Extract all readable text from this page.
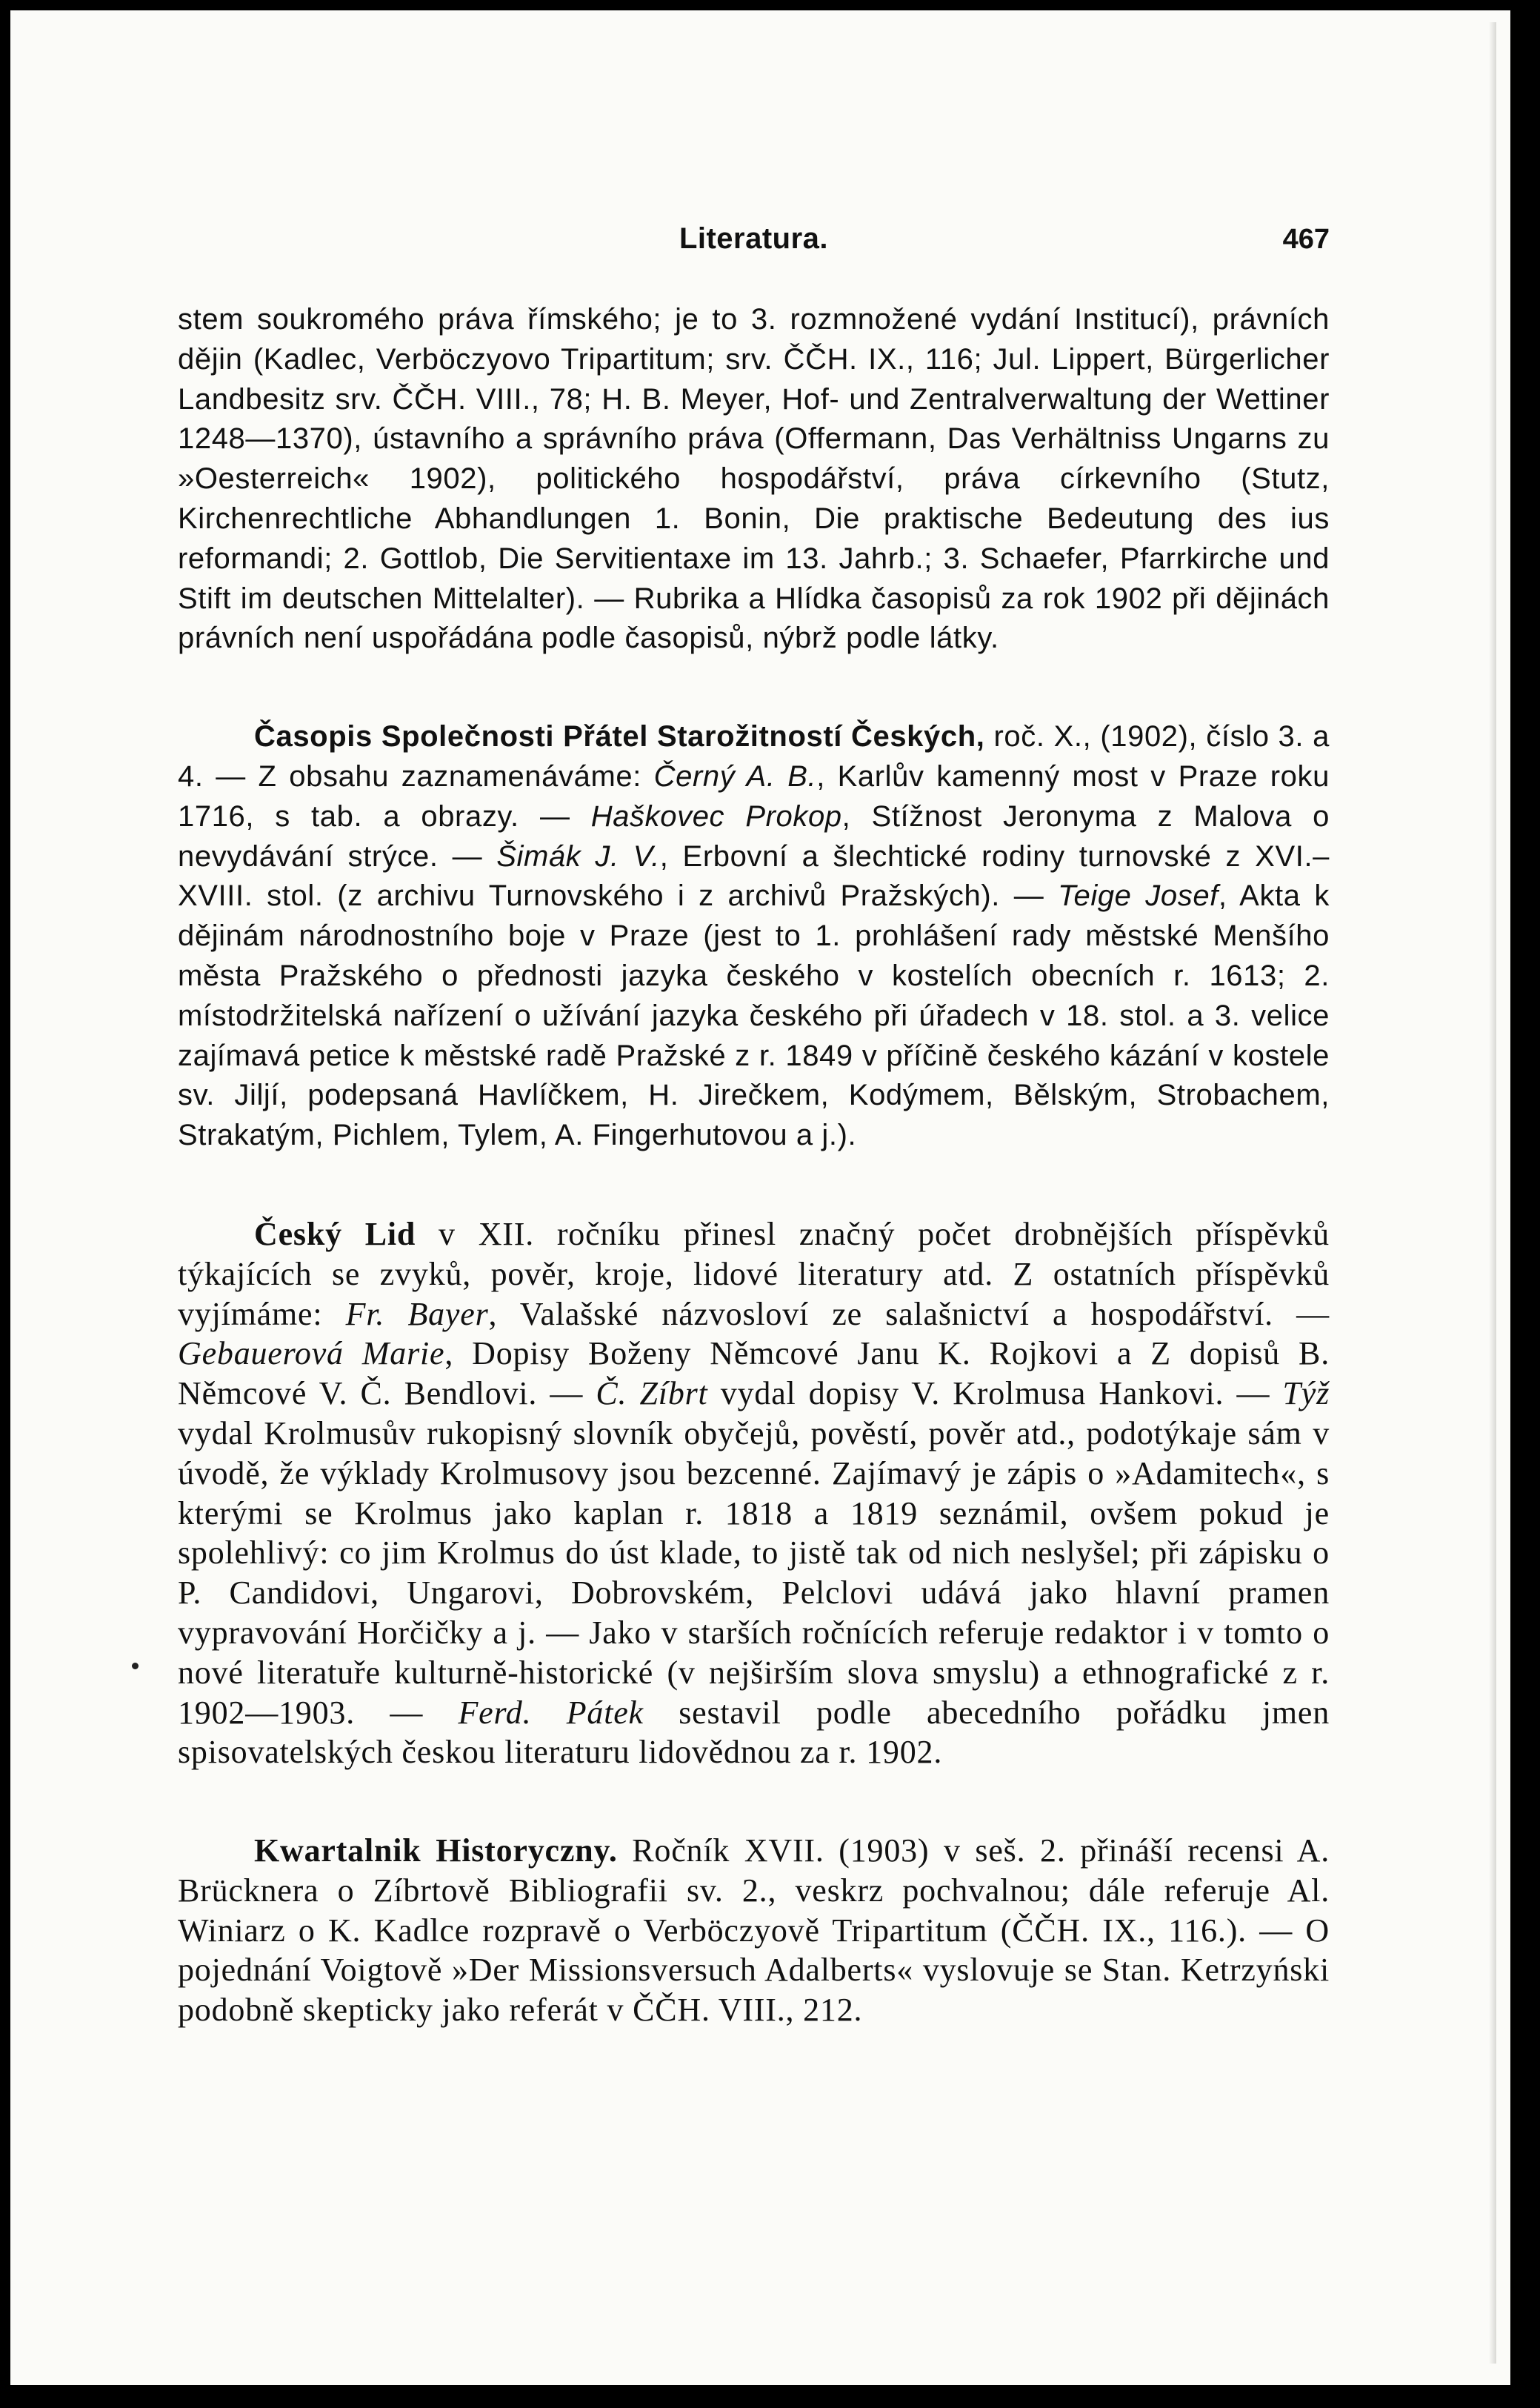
Literatura.	467

stem soukromého práva římského; je to 3. rozmnožené vydání Institucí), právních dějin (Kadlec, Verböczyovo Tripartitum; srv. ČČH. IX., 116; Jul. Lippert, Bürgerlicher Landbesitz srv. ČČH. VIII., 78; H. B. Meyer, Hof- und Zentralverwaltung der Wettiner 1248—1370), ústavního a správního práva (Offermann, Das Verhältniss Ungarns zu »Oesterreich« 1902), politického hospodářství, práva církevního (Stutz, Kirchenrechtliche Abhandlungen 1. Bonin, Die praktische Bedeutung des ius reformandi; 2. Gottlob, Die Servitientaxe im 13. Jahrb.; 3. Schaefer, Pfarrkirche und Stift im deutschen Mittelalter). — Rubrika a Hlídka časopisů za rok 1902 při dějinách právních není uspořádána podle časopisů, nýbrž podle látky.

Časopis Společnosti Přátel Starožitností Českých, roč. X., (1902), číslo 3. a 4. — Z obsahu zaznamenáváme: Černý A. B., Karlův kamenný most v Praze roku 1716, s tab. a obrazy. — Haškovec Prokop, Stížnost Jeronyma z Malova o nevydávání strýce. — Šimák J. V., Erbovní a šlechtické rodiny turnovské z XVI.–XVIII. stol. (z archivu Turnovského i z archivů Pražských). — Teige Josef, Akta k dějinám národnostního boje v Praze (jest to 1. prohlášení rady městské Menšího města Pražského o přednosti jazyka českého v kostelích obecních r. 1613; 2. místodržitelská nařízení o užívání jazyka českého při úřadech v 18. stol. a 3. velice zajímavá petice k městské radě Pražské z r. 1849 v příčině českého kázání v kostele sv. Jiljí, podepsaná Havlíčkem, H. Jirečkem, Kodýmem, Bělským, Strobachem, Strakatým, Pichlem, Tylem, A. Fingerhutovou a j.).

Český Lid v XII. ročníku přinesl značný počet drobnějších příspěvků týkajících se zvyků, pověr, kroje, lidové literatury atd. Z ostatních příspěvků vyjímáme: Fr. Bayer, Valašské názvosloví ze salašnictví a hospodářství. — Gebauerová Marie, Dopisy Boženy Němcové Janu K. Rojkovi a Z dopisů B. Němcové V. Č. Bendlovi. — Č. Zíbrt vydal dopisy V. Krolmusa Hankovi. — Týž vydal Krolmusův rukopisný slovník obyčejů, pověstí, pověr atd., podotýkaje sám v úvodě, že výklady Krolmusovy jsou bezcenné. Zajímavý je zápis o »Adamitech«, s kterými se Krolmus jako kaplan r. 1818 a 1819 seznámil, ovšem pokud je spolehlivý: co jim Krolmus do úst klade, to jistě tak od nich neslyšel; při zápisku o P. Candidovi, Ungarovi, Dobrovském, Pelclovi udává jako hlavní pramen vypravování Horčičky a j. — Jako v starších ročnících referuje redaktor i v tomto o nové literatuře kulturně-historické (v nejširším slova smyslu) a ethnografické z r. 1902—1903. — Ferd. Pátek sestavil podle abecedního pořádku jmen spisovatelských českou literaturu lidovědnou za r. 1902.

Kwartalnik Historyczny. Ročník XVII. (1903) v seš. 2. přináší recensi A. Brücknera o Zíbrtově Bibliografii sv. 2., veskrz pochvalnou; dále referuje Al. Winiarz o K. Kadlce rozpravě o Verböczyově Tripartitum (ČČH. IX., 116.). — O pojednání Voigtově »Der Missionsversuch Adalberts« vyslovuje se Stan. Ketrzyński podobně skepticky jako referát v ČČH. VIII., 212.
